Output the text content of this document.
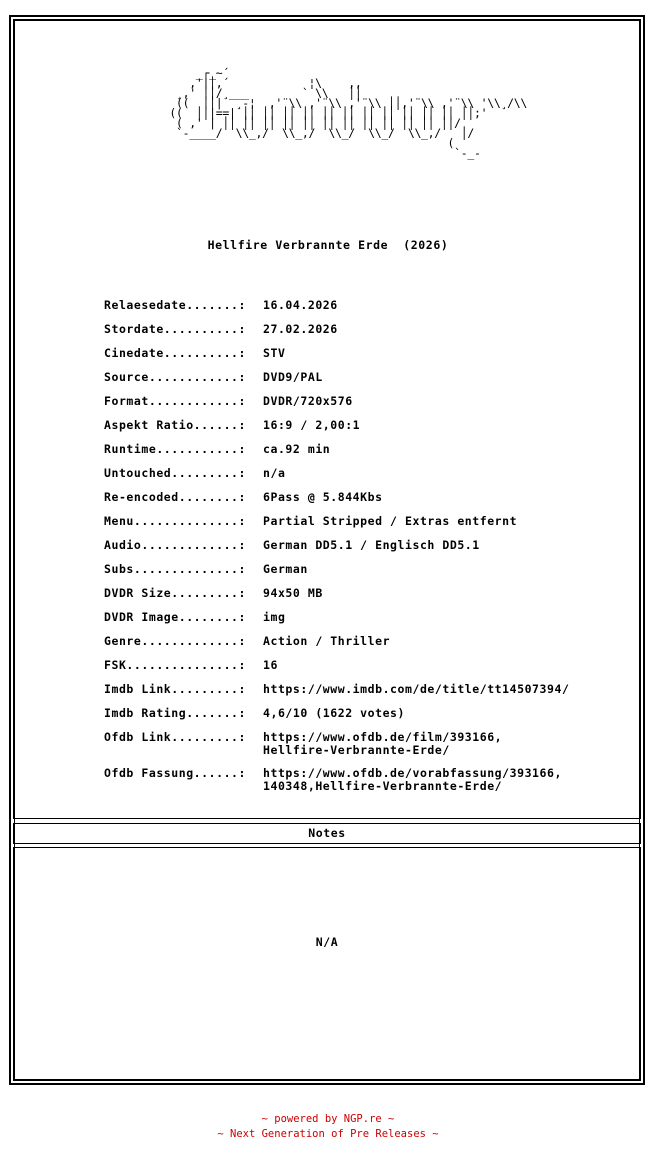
_┌_~´
,'|│,´            ¦\    ,,
¸,' ││/¸___        ` \\   ││
((  ││|  ¸-¦  ,'¨\\ ,'¨\\ ,'¨\\ ││,'¨\\ ,'¨\\ '\\¸/\\
((  ││|==| ││ ││ ││ ││ ││ ││ ││ ││ ││ ││ ││ ││;'
( ,' | ││ ││ ││ ││ ││ ││ ││ ││ ││ ││ ││ ││/
`-____/  \\_,/  \\_,/  \\_/  \\_/  \\_,/   │/
(
`-_-
Hellfire Verbrannte Erde  (2026)
Relaesedate.......:	16.04.2026
Stordate..........:	27.02.2026
Cinedate..........:	STV
Source............:	DVD9/PAL
Format............:	DVDR/720x576
Aspekt Ratio......:	16:9 / 2,00:1
Runtime...........:	ca.92 min
Untouched.........:	n/a
Re-encoded........:	6Pass @ 5.844Kbs
Menu..............:	Partial Stripped / Extras entfernt
Audio.............:	German DD5.1 / Englisch DD5.1
Subs..............:	German
DVDR Size.........:	94x50 MB
DVDR Image........:	img
Genre.............:	Action / Thriller
FSK...............:	16
Imdb Link.........:	https://www.imdb.com/de/title/tt14507394/
Imdb Rating.......:	4,6/10 (1622 votes)
Ofdb Link.........:	https://www.ofdb.de/film/393166,
Hellfire-Verbrannte-Erde/
Ofdb Fassung......:	https://www.ofdb.de/vorabfassung/393166,
140348,Hellfire-Verbrannte-Erde/
Notes
N/A
~ powered by NGP.re ~
~ Next Generation of Pre Releases ~
